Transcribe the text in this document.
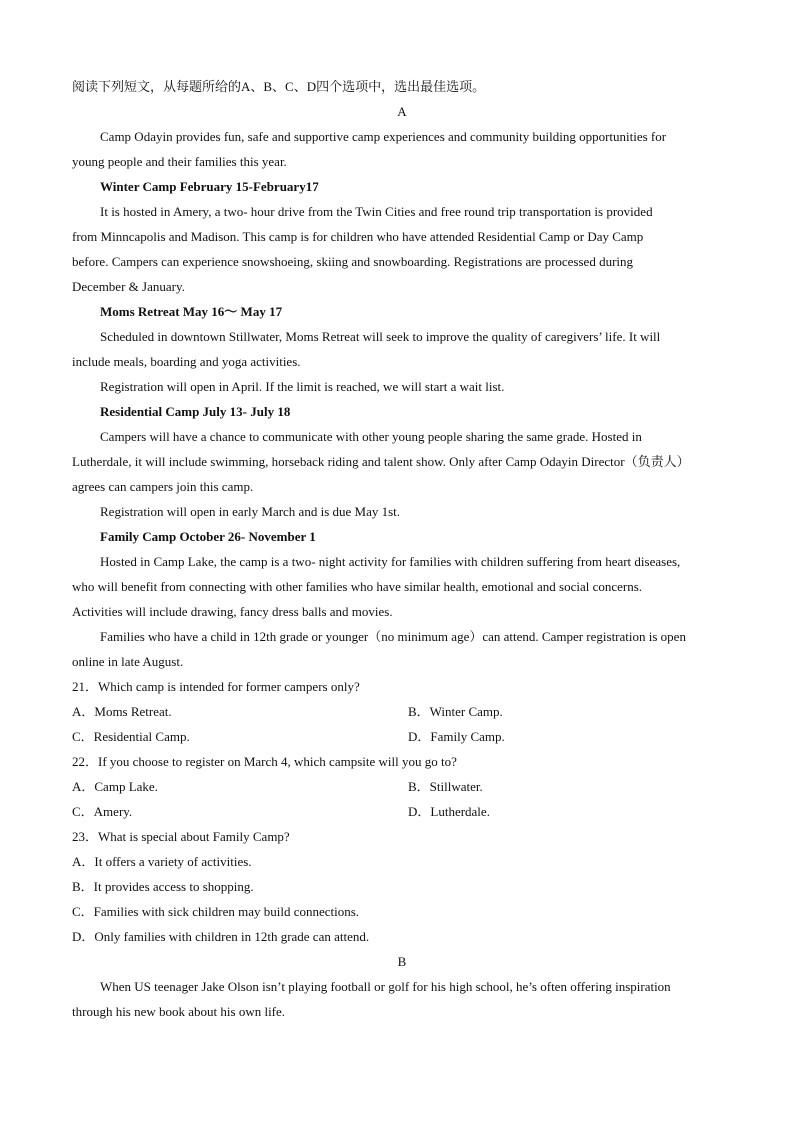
阅读下列短文，从每题所给的A、B、C、D四个选项中，选出最佳选项。
A
Camp Odayin provides fun, safe and supportive camp experiences and community building opportunities for
young people and their families this year.
Winter Camp February 15-February17
It is hosted in Amery, a two- hour drive from the Twin Cities and free round trip transportation is provided
from Minncapolis and Madison. This camp is for children who have attended Residential Camp or Day Camp
before. Campers can experience snowshoeing, skiing and snowboarding. Registrations are processed during
December & January.
Moms Retreat May 16～ May 17
Scheduled in downtown Stillwater, Moms Retreat will seek to improve the quality of caregivers’ life. It will
include meals, boarding and yoga activities.
Registration will open in April. If the limit is reached, we will start a wait list.
Residential Camp July 13- July 18
Campers will have a chance to communicate with other young people sharing the same grade. Hosted in
Lutherdale, it will include swimming, horseback riding and talent show. Only after Camp Odayin Director（负责人）
agrees can campers join this camp.
Registration will open in early March and is due May 1st.
Family Camp October 26- November 1
Hosted in Camp Lake, the camp is a two- night activity for families with children suffering from heart diseases,
who will benefit from connecting with other families who have similar health, emotional and social concerns.
Activities will include drawing, fancy dress balls and movies.
Families who have a child in 12th grade or younger（no minimum age）can attend. Camper registration is open
online in late August.
21．Which camp is intended for former campers only?
A．Moms Retreat.	B．Winter Camp.
C．Residential Camp.	D．Family Camp.
22．If you choose to register on March 4, which campsite will you go to?
A．Camp Lake.	B．Stillwater.
C．Amery.	D．Lutherdale.
23．What is special about Family Camp?
A．It offers a variety of activities.
B．It provides access to shopping.
C．Families with sick children may build connections.
D．Only families with children in 12th grade can attend.
B
When US teenager Jake Olson isn’t playing football or golf for his high school, he’s often offering inspiration
through his new book about his own life.
